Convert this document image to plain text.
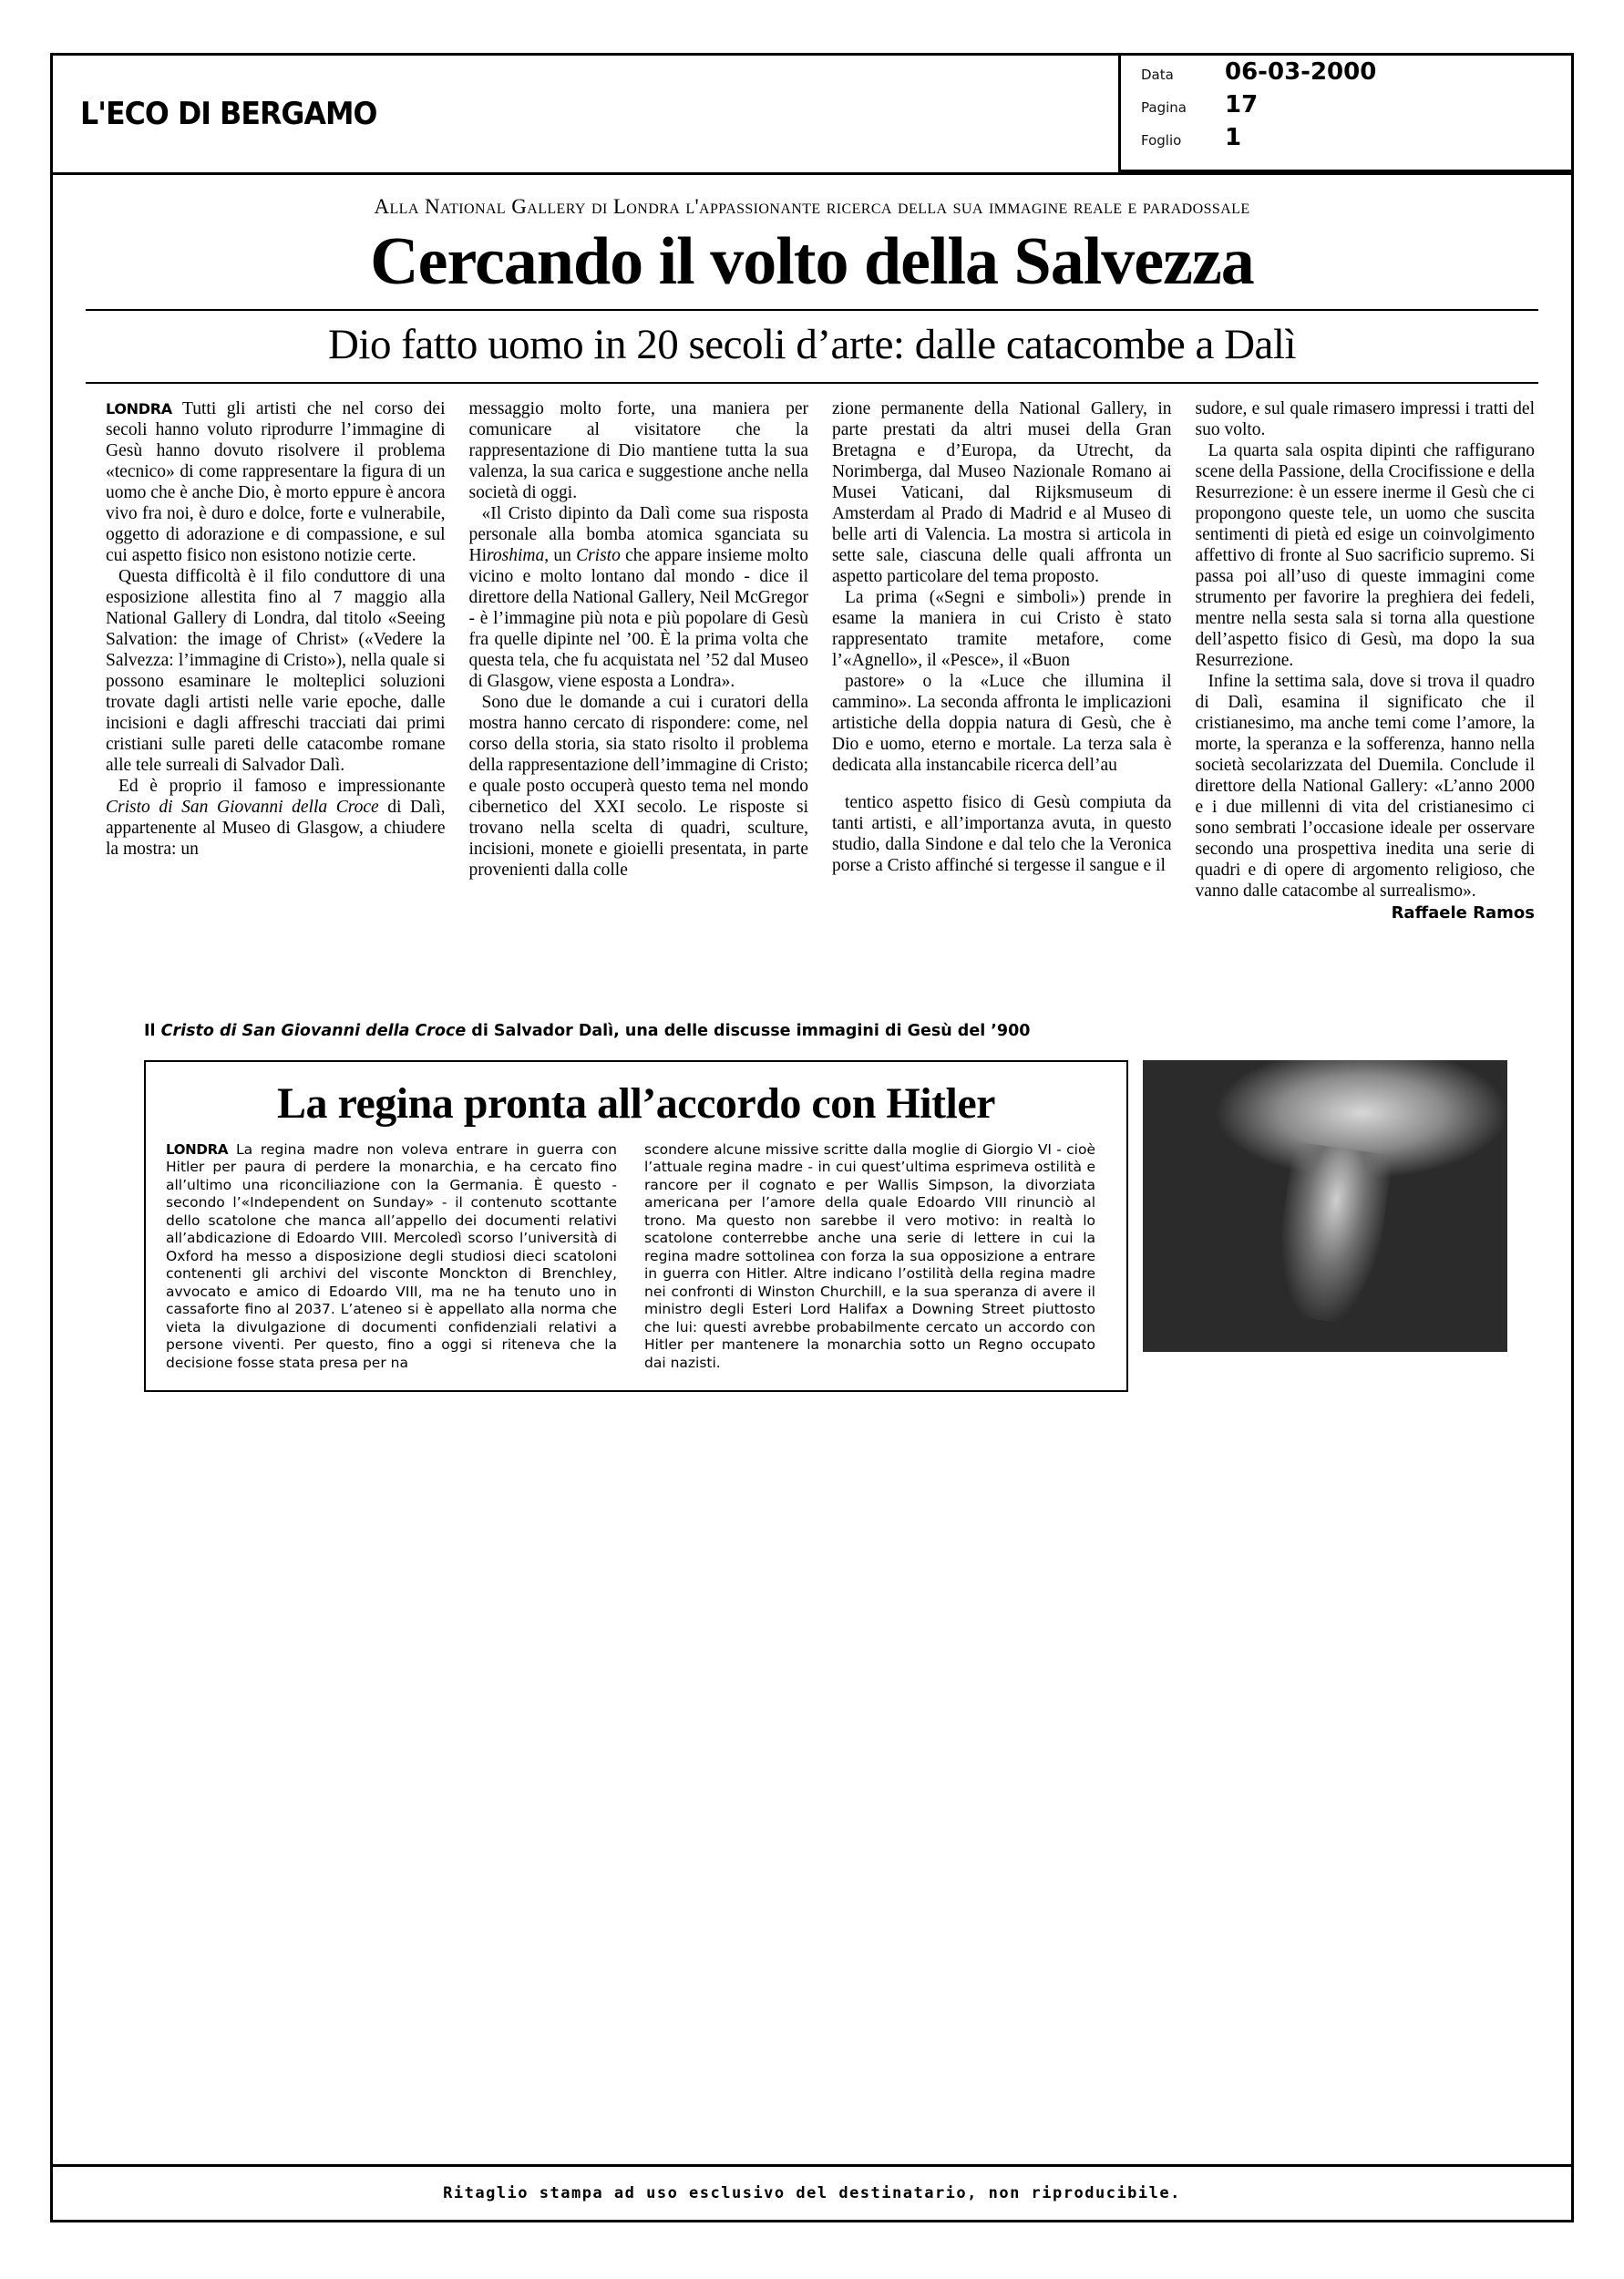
L'ECO DI BERGAMO
Data	06-03-2000
Pagina	17
Foglio	1
Alla National Gallery di Londra l'appassionante ricerca della sua immagine reale e paradossale
Cercando il volto della Salvezza
Dio fatto uomo in 20 secoli d’arte: dalle catacombe a Dalì

LONDRA Tutti gli artisti che nel corso dei secoli hanno voluto riprodurre l’immagine di Gesù hanno dovuto risolvere il problema «tecnico» di come rappresentare la figura di un uomo che è anche Dio, è morto eppure è ancora vivo fra noi, è duro e dolce, forte e vulnerabile, oggetto di adorazione e di compassione, e sul cui aspetto fisico non esistono notizie certe.

Questa difficoltà è il filo conduttore di una esposizione allestita fino al 7 maggio alla National Gallery di Londra, dal titolo «Seeing Salvation: the image of Christ» («Vedere la Salvezza: l’immagine di Cristo»), nella quale si possono esaminare le molteplici soluzioni trovate dagli artisti nelle varie epoche, dalle incisioni e dagli affreschi tracciati dai primi cristiani sulle pareti delle catacombe romane alle tele surreali di Salvador Dalì.

Ed è proprio il famoso e impressionante Cristo di San Giovanni della Croce di Dalì, appartenente al Museo di Glasgow, a chiudere la mostra: un

messaggio molto forte, una maniera per comunicare al visitatore che la rappresentazione di Dio mantiene tutta la sua valenza, la sua carica e suggestione anche nella società di oggi.

«Il Cristo dipinto da Dalì come sua risposta personale alla bomba atomica sganciata su Hiroshima, un Cristo che appare insieme molto vicino e molto lontano dal mondo - dice il direttore della National Gallery, Neil McGregor - è l’immagine più nota e più popolare di Gesù fra quelle dipinte nel ’00. È la prima volta che questa tela, che fu acquistata nel ’52 dal Museo di Glasgow, viene esposta a Londra».

Sono due le domande a cui i curatori della mostra hanno cercato di rispondere: come, nel corso della storia, sia stato risolto il problema della rappresentazione dell’immagine di Cristo; e quale posto occuperà questo tema nel mondo cibernetico del XXI secolo. Le risposte si trovano nella scelta di quadri, sculture, incisioni, monete e gioielli presentata, in parte provenienti dalla colle

zione permanente della National Gallery, in parte prestati da altri musei della Gran Bretagna e d’Europa, da Utrecht, da Norimberga, dal Museo Nazionale Romano ai Musei Vaticani, dal Rijksmuseum di Amsterdam al Prado di Madrid e al Museo di belle arti di Valencia. La mostra si articola in sette sale, ciascuna delle quali affronta un aspetto particolare del tema proposto.

La prima («Segni e simboli») prende in esame la maniera in cui Cristo è stato rappresentato tramite metafore, come l’«Agnello», il «Pesce», il «Buon

pastore» o la «Luce che illumina il cammino». La seconda affronta le implicazioni artistiche della doppia natura di Gesù, che è Dio e uomo, eterno e mortale. La terza sala è dedicata alla instancabile ricerca dell’au

tentico aspetto fisico di Gesù compiuta da tanti artisti, e all’importanza avuta, in questo studio, dalla Sindone e dal telo che la Veronica porse a Cristo affinché si tergesse il sangue e il

sudore, e sul quale rimasero impressi i tratti del suo volto.

La quarta sala ospita dipinti che raffigurano scene della Passione, della Crocifissione e della Resurrezione: è un essere inerme il Gesù che ci propongono queste tele, un uomo che suscita sentimenti di pietà ed esige un coinvolgimento affettivo di fronte al Suo sacrificio supremo. Si passa poi all’uso di queste immagini come strumento per favorire la preghiera dei fedeli, mentre nella sesta sala si torna alla questione dell’aspetto fisico di Gesù, ma dopo la sua Resurrezione.

Infine la settima sala, dove si trova il quadro di Dalì, esamina il significato che il cristianesimo, ma anche temi come l’amore, la morte, la speranza e la sofferenza, hanno nella società secolarizzata del Duemila. Conclude il direttore della National Gallery: «L’anno 2000 e i due millenni di vita del cristianesimo ci sono sembrati l’occasione ideale per osservare secondo una prospettiva inedita una serie di quadri e di opere di argomento religioso, che vanno dalle catacombe al surrealismo».

Raffaele Ramos
Il Cristo di San Giovanni della Croce di Salvador Dalì, una delle discusse immagini di Gesù del ’900
La regina pronta all’accordo con Hitler

LONDRA La regina madre non voleva entrare in guerra con Hitler per paura di perdere la monarchia, e ha cercato fino all’ultimo una riconciliazione con la Germania. È questo - secondo l’«Independent on Sunday» - il contenuto scottante dello scatolone che manca all’appello dei documenti relativi all’abdicazione di Edoardo VIII. Mercoledì scorso l’università di Oxford ha messo a disposizione degli studiosi dieci scatoloni contenenti gli archivi del visconte Monckton di Brenchley, avvocato e amico di Edoardo VIII, ma ne ha tenuto uno in cassaforte fino al 2037. L’ateneo si è appellato alla norma che vieta la divulgazione di documenti confidenziali relativi a persone viventi. Per questo, fino a oggi si riteneva che la decisione fosse stata presa per na

scondere alcune missive scritte dalla moglie di Giorgio VI - cioè l’attuale regina madre - in cui quest’ultima esprimeva ostilità e rancore per il cognato e per Wallis Simpson, la divorziata americana per l’amore della quale Edoardo VIII rinunciò al trono. Ma questo non sarebbe il vero motivo: in realtà lo scatolone conterrebbe anche una serie di lettere in cui la regina madre sottolinea con forza la sua opposizione a entrare in guerra con Hitler. Altre indicano l’ostilità della regina madre nei confronti di Winston Churchill, e la sua speranza di avere il ministro degli Esteri Lord Halifax a Downing Street piuttosto che lui: questi avrebbe probabilmente cercato un accordo con Hitler per mantenere la monarchia sotto un Regno occupato dai nazisti.

Ritaglio stampa ad uso esclusivo del destinatario, non riproducibile.
